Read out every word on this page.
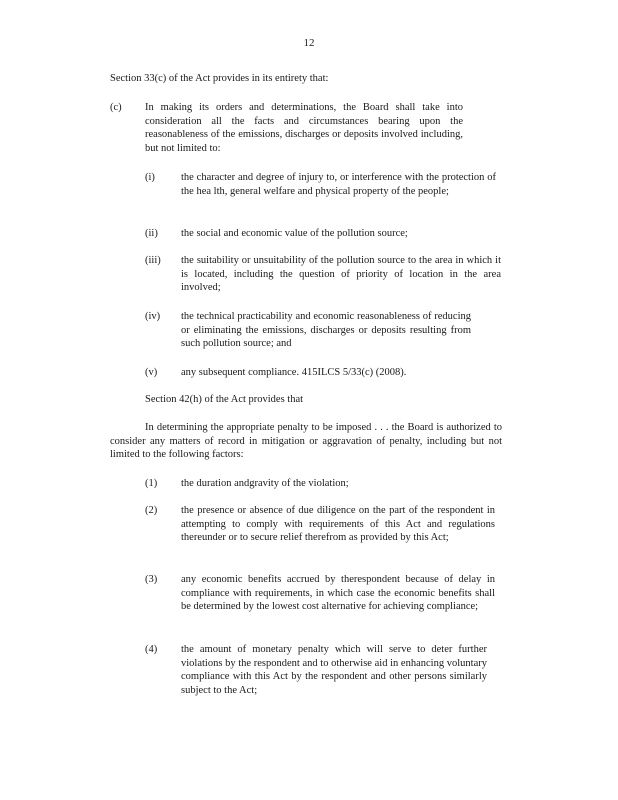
12
Section 33(c) of the Act provides in its entirety that:
(c) In making its orders and determinations, the Board shall take into consideration all the facts and circumstances bearing upon the reasonableness of the emissions, discharges or deposits involved including, but not limited to:
(i) the character and degree of injury to, or interference with the protection of the hea lth, general welfare and physical property of the people;
(ii) the social and economic value of the pollution source;
(iii) the suitability or unsuitability of the pollution source to the area in which it is located, including the question of priority of location in the area involved;
(iv) the technical practicability and economic reasonableness of reducing or eliminating the emissions, discharges or deposits resulting from such pollution source; and
(v) any subsequent compliance. 415ILCS 5/33(c) (2008).
Section 42(h) of the Act provides that
In determining the appropriate penalty to be imposed . . . the Board is authorized to consider any matters of record in mitigation or aggravation of penalty, including but not limited to the following factors:
(1) the duration andgravity of the violation;
(2) the presence or absence of due diligence on the part of the respondent in attempting to comply with requirements of this Act and regulations thereunder or to secure relief therefrom as provided by this Act;
(3) any economic benefits accrued by therespondent because of delay in compliance with requirements, in which case the economic benefits shall be determined by the lowest cost alternative for achieving compliance;
(4) the amount of monetary penalty which will serve to deter further violations by the respondent and to otherwise aid in enhancing voluntary compliance with this Act by the respondent and other persons similarly subject to the Act;
